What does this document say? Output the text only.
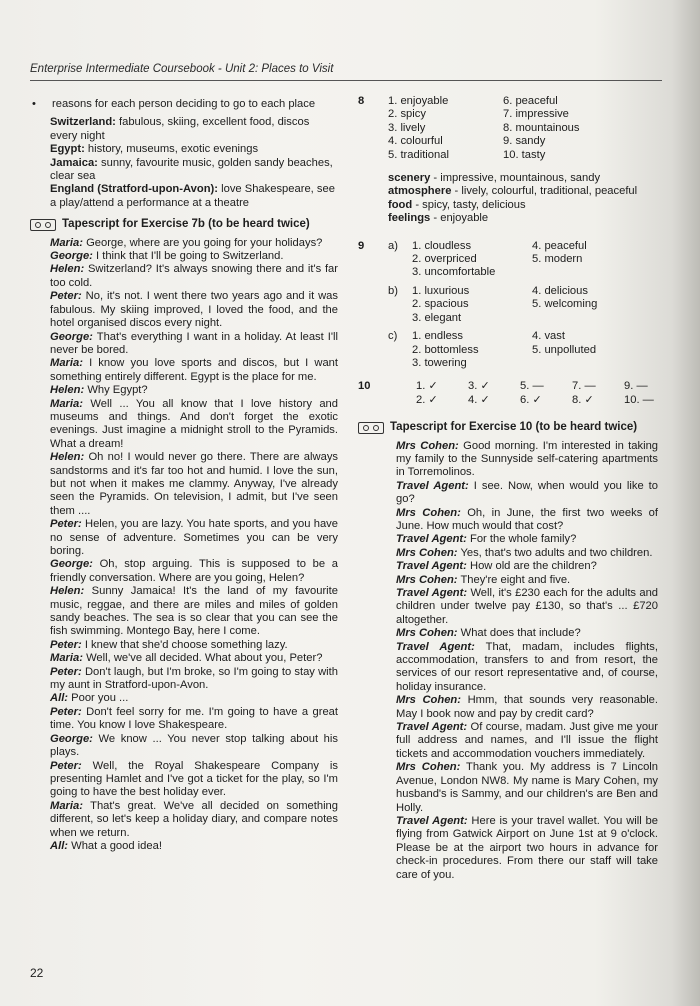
Enterprise Intermediate Coursebook - Unit 2: Places to Visit
•	reasons for each person deciding to go to each place

Switzerland: fabulous, skiing, excellent food, discos every night

Egypt: history, museums, exotic evenings

Jamaica: sunny, favourite music, golden sandy beaches, clear sea

England (Stratford-upon-Avon): love Shakespeare, see a play/attend a performance at a theatre

Tapescript for Exercise 7b (to be heard twice)

Maria: George, where are you going for your holidays?

George: I think that I'll be going to Switzerland.

Helen: Switzerland? It's always snowing there and it's far too cold.

Peter: No, it's not. I went there two years ago and it was fabulous. My skiing improved, I loved the food, and the hotel organised discos every night.

George: That's everything I want in a holiday. At least I'll never be bored.

Maria: I know you love sports and discos, but I want something entirely different. Egypt is the place for me.

Helen: Why Egypt?

Maria: Well ... You all know that I love history and museums and things. And don't forget the exotic evenings. Just imagine a midnight stroll to the Pyramids. What a dream!

Helen: Oh no! I would never go there. There are always sandstorms and it's far too hot and humid. I love the sun, but not when it makes me clammy. Anyway, I've already seen the Pyramids. On television, I admit, but I've seen them ....

Peter: Helen, you are lazy. You hate sports, and you have no sense of adventure. Sometimes you can be very boring.

George: Oh, stop arguing. This is supposed to be a friendly conversation. Where are you going, Helen?

Helen: Sunny Jamaica! It's the land of my favourite music, reggae, and there are miles and miles of golden sandy beaches. The sea is so clear that you can see the fish swimming. Montego Bay, here I come.

Peter: I knew that she'd choose something lazy.

Maria: Well, we've all decided. What about you, Peter?

Peter: Don't laugh, but I'm broke, so I'm going to stay with my aunt in Stratford-upon-Avon.

All: Poor you ...

Peter: Don't feel sorry for me. I'm going to have a great time. You know I love Shakespeare.

George: We know ... You never stop talking about his plays.

Peter: Well, the Royal Shakespeare Company is presenting Hamlet and I've got a ticket for the play, so I'm going to have the best holiday ever.

Maria: That's great. We've all decided on something different, so let's keep a holiday diary, and compare notes when we return.

All: What a good idea!

8	1. enjoyable	6. peaceful
2. spicy	7. impressive
3. lively	8. mountainous
4. colourful	9. sandy
5. traditional	10. tasty
scenery - impressive, mountainous, sandy
atmosphere - lively, colourful, traditional, peaceful
food - spicy, tasty, delicious
feelings - enjoyable
9	a)	1. cloudless	4. peaceful
2. overpriced	5. modern
3. uncomfortable
b)	1. luxurious	4. delicious
2. spacious	5. welcoming
3. elegant
c)	1. endless	4. vast
2. bottomless	5. unpolluted
3. towering
10	1. ✓	3. ✓	5. —	7. —	9. —
2. ✓	4. ✓	6. ✓	8. ✓	10. —
Tapescript for Exercise 10 (to be heard twice)

Mrs Cohen: Good morning. I'm interested in taking my family to the Sunnyside self-catering apartments in Torremolinos.

Travel Agent: I see. Now, when would you like to go?

Mrs Cohen: Oh, in June, the first two weeks of June. How much would that cost?

Travel Agent: For the whole family?

Mrs Cohen: Yes, that's two adults and two children.

Travel Agent: How old are the children?

Mrs Cohen: They're eight and five.

Travel Agent: Well, it's £230 each for the adults and children under twelve pay £130, so that's ... £720 altogether.

Mrs Cohen: What does that include?

Travel Agent: That, madam, includes flights, accommodation, transfers to and from resort, the services of our resort representative and, of course, holiday insurance.

Mrs Cohen: Hmm, that sounds very reasonable. May I book now and pay by credit card?

Travel Agent: Of course, madam. Just give me your full address and names, and I'll issue the flight tickets and accommodation vouchers immediately.

Mrs Cohen: Thank you. My address is 7 Lincoln Avenue, London NW8. My name is Mary Cohen, my husband's is Sammy, and our children's are Ben and Holly.

Travel Agent: Here is your travel wallet. You will be flying from Gatwick Airport on June 1st at 9 o'clock. Please be at the airport two hours in advance for check-in procedures. From there our staff will take care of you.

22
